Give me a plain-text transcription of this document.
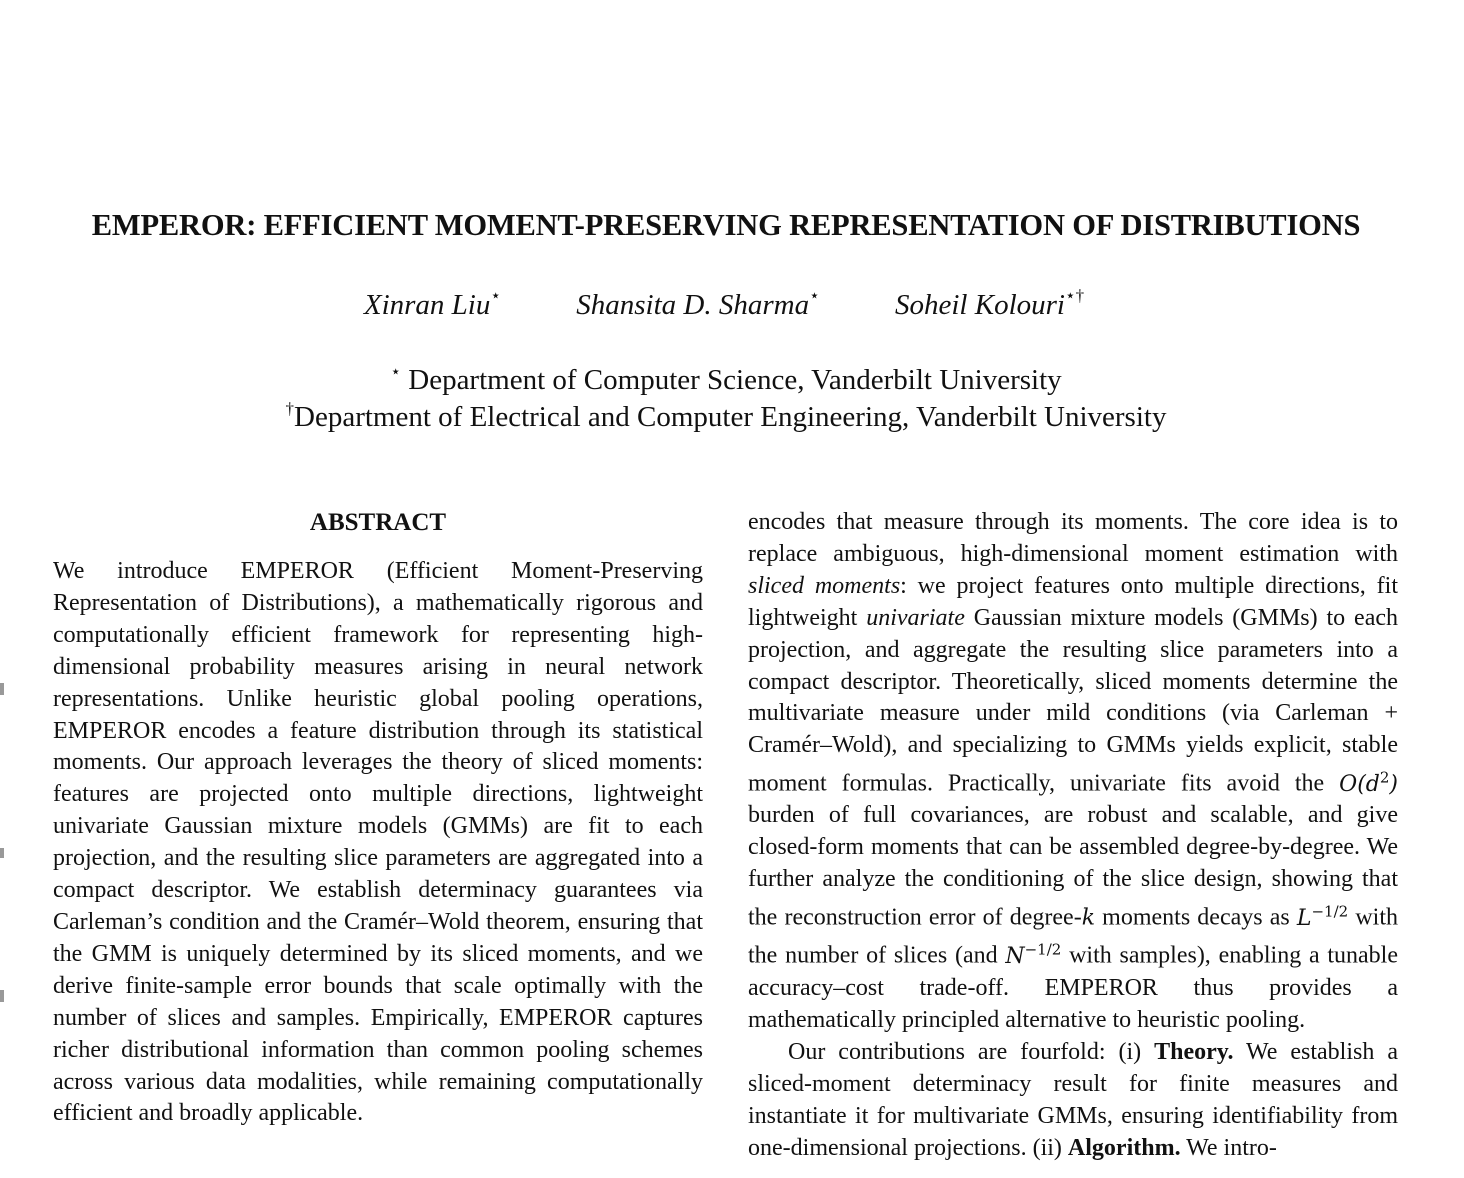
EMPEROR: EFFICIENT MOMENT-PRESERVING REPRESENTATION OF DISTRIBUTIONS
Xinran Liu⋆	Shansita D. Sharma⋆	Soheil Kolouri⋆†
⋆ Department of Computer Science, Vanderbilt University
†Department of Electrical and Computer Engineering, Vanderbilt University
ABSTRACT

We introduce EMPEROR (Efficient Moment-Preserving Representation of Distributions), a mathematically rigorous and computationally efficient framework for representing high-dimensional probability measures arising in neural network representations. Unlike heuristic global pooling operations, EMPEROR encodes a feature distribution through its statistical moments. Our approach leverages the theory of sliced moments: features are projected onto multiple directions, lightweight univariate Gaussian mixture models (GMMs) are fit to each projection, and the resulting slice parameters are aggregated into a compact descriptor. We establish determinacy guarantees via Carleman’s condition and the Cramér–Wold theorem, ensuring that the GMM is uniquely determined by its sliced moments, and we derive finite-sample error bounds that scale optimally with the number of slices and samples. Empirically, EMPEROR captures richer distributional information than common pooling schemes across various data modalities, while remaining computationally efficient and broadly applicable.

encodes that measure through its moments. The core idea is to replace ambiguous, high-dimensional moment estimation with sliced moments: we project features onto multiple directions, fit lightweight univariate Gaussian mixture models (GMMs) to each projection, and aggregate the resulting slice parameters into a compact descriptor. Theoretically, sliced moments determine the multivariate measure under mild conditions (via Carleman + Cramér–Wold), and specializing to GMMs yields explicit, stable moment formulas. Practically, univariate fits avoid the $O(d^2)$ burden of full covariances, are robust and scalable, and give closed-form moments that can be assembled degree-by-degree. We further analyze the conditioning of the slice design, showing that the reconstruction error of degree-k moments decays as $L^{-1/2}$ with the number of slices (and $N^{-1/2}$ with samples), enabling a tunable accuracy–cost trade-off. EMPEROR thus provides a mathematically principled alternative to heuristic pooling.

Our contributions are fourfold: (i) Theory. We establish a sliced-moment determinacy result for finite measures and instantiate it for multivariate GMMs, ensuring identifiability from one-dimensional projections. (ii) Algorithm. We intro-
